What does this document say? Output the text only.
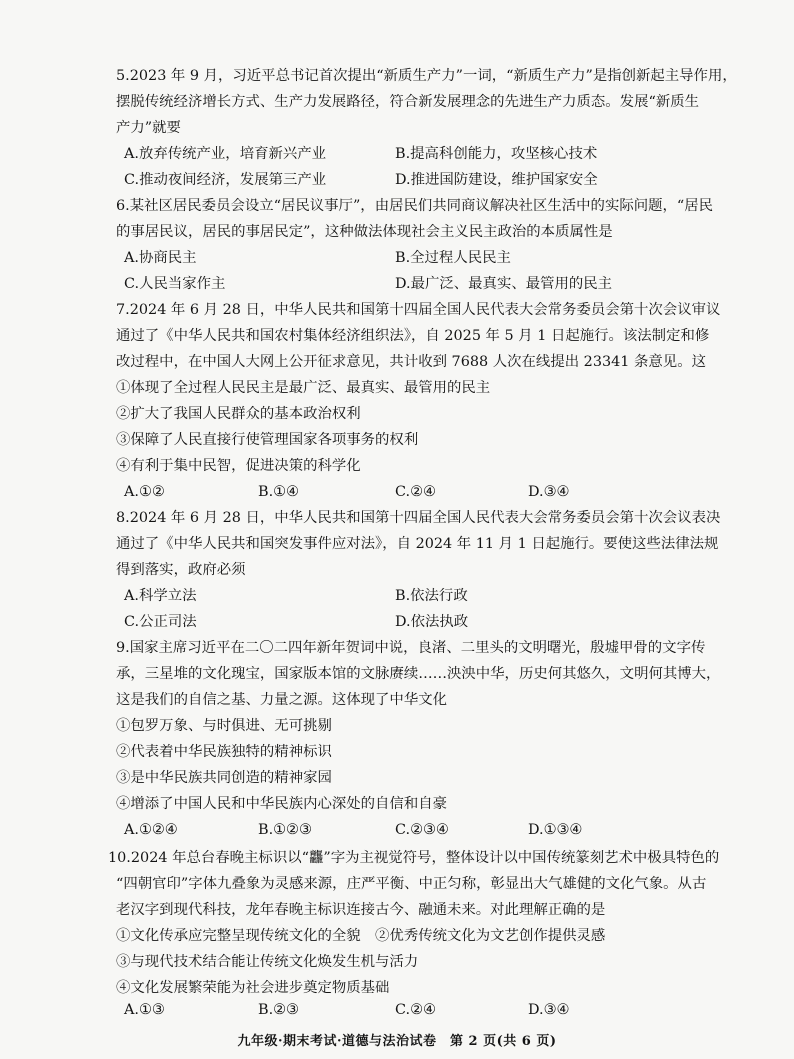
5.2023 年 9 月，习近平总书记首次提出“新质生产力”一词，“新质生产力”是指创新起主导作用，
摆脱传统经济增长方式、生产力发展路径，符合新发展理念的先进生产力质态。发展“新质生
产力”就要
A.放弃传统产业，培育新兴产业	B.提高科创能力，攻坚核心技术
C.推动夜间经济，发展第三产业	D.推进国防建设，维护国家安全
6.某社区居民委员会设立“居民议事厅”，由居民们共同商议解决社区生活中的实际问题，“居民
的事居民议，居民的事居民定”，这种做法体现社会主义民主政治的本质属性是
A.协商民主	B.全过程人民民主
C.人民当家作主	D.最广泛、最真实、最管用的民主
7.2024 年 6 月 28 日，中华人民共和国第十四届全国人民代表大会常务委员会第十次会议审议
通过了《中华人民共和国农村集体经济组织法》，自 2025 年 5 月 1 日起施行。该法制定和修
改过程中，在中国人大网上公开征求意见，共计收到 7688 人次在线提出 23341 条意见。这
①体现了全过程人民民主是最广泛、最真实、最管用的民主
②扩大了我国人民群众的基本政治权利
③保障了人民直接行使管理国家各项事务的权利
④有利于集中民智，促进决策的科学化
A.①②	B.①④	C.②④	D.③④
8.2024 年 6 月 28 日，中华人民共和国第十四届全国人民代表大会常务委员会第十次会议表决
通过了《中华人民共和国突发事件应对法》，自 2024 年 11 月 1 日起施行。要使这些法律法规
得到落实，政府必须
A.科学立法	B.依法行政
C.公正司法	D.依法执政
9.国家主席习近平在二〇二四年新年贺词中说，良渚、二里头的文明曙光，殷墟甲骨的文字传
承，三星堆的文化瑰宝，国家版本馆的文脉赓续……泱泱中华，历史何其悠久，文明何其博大，
这是我们的自信之基、力量之源。这体现了中华文化
①包罗万象、与时俱进、无可挑剔
②代表着中华民族独特的精神标识
③是中华民族共同创造的精神家园
④增添了中国人民和中华民族内心深处的自信和自豪
A.①②④	B.①②③	C.②③④	D.①③④
10.2024 年总台春晚主标识以“龘”字为主视觉符号，整体设计以中国传统篆刻艺术中极具特色的
“四朝官印”字体九叠象为灵感来源，庄严平衡、中正匀称，彰显出大气雄健的文化气象。从古
老汉字到现代科技，龙年春晚主标识连接古今、融通未来。对此理解正确的是
①文化传承应完整呈现传统文化的全貌　②优秀传统文化为文艺创作提供灵感
③与现代技术结合能让传统文化焕发生机与活力
④文化发展繁荣能为社会进步奠定物质基础
A.①③	B.②③	C.②④	D.③④
九年级·期末考试·道德与法治试卷　第 2 页(共 6 页)
